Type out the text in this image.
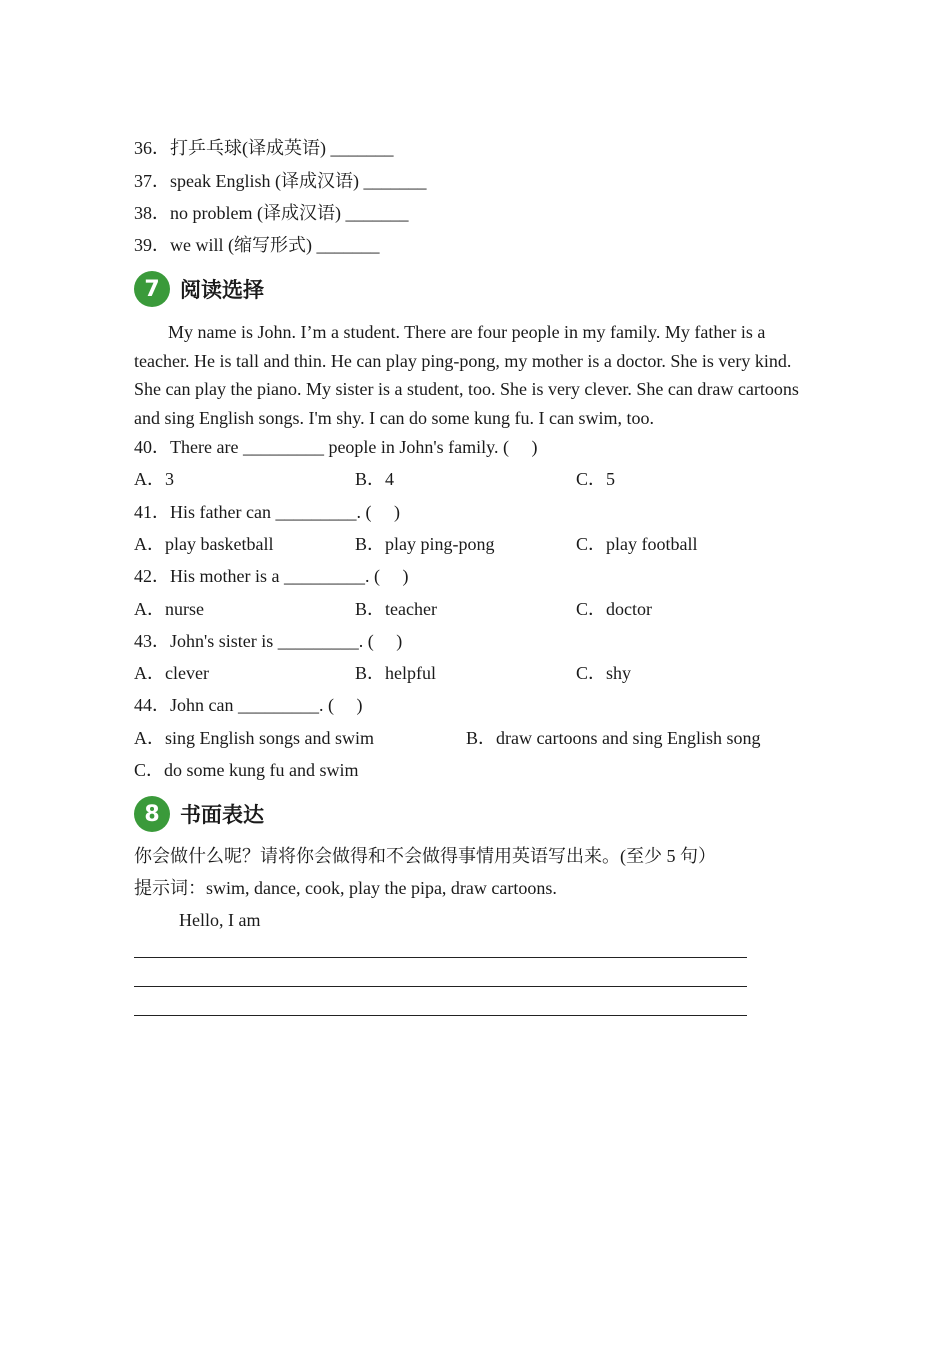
36．打乒乓球(译成英语) _______
37．speak English (译成汉语) _______
38．no problem (译成汉语) _______
39．we will (缩写形式) _______
7 阅读选择
My name is John. I’m a student. There are four people in my family. My father is a teacher. He is tall and thin. He can play ping-pong, my mother is a doctor. She is very kind. She can play the piano. My sister is a student, too. She is very clever. She can draw cartoons and sing English songs. I'm shy. I can do some kung fu. I can swim, too.
40．There are _________ people in John's family. (　 )
A．3	B．4	C．5
41．His father can _________. (　 )
A．play basketball	B．play ping-pong	C．play football
42．His mother is a _________. (　 )
A．nurse	B．teacher	C．doctor
43．John's sister is _________. (　 )
A．clever	B．helpful	C．shy
44．John can _________. (　 )
A．sing English songs and swim	B．draw cartoons and sing English song
C．do some kung fu and swim
8 书面表达
你会做什么呢？请将你会做得和不会做得事情用英语写出来。(至少 5 句）
提示词：swim, dance, cook, play the pipa, draw cartoons.
Hello, I am
